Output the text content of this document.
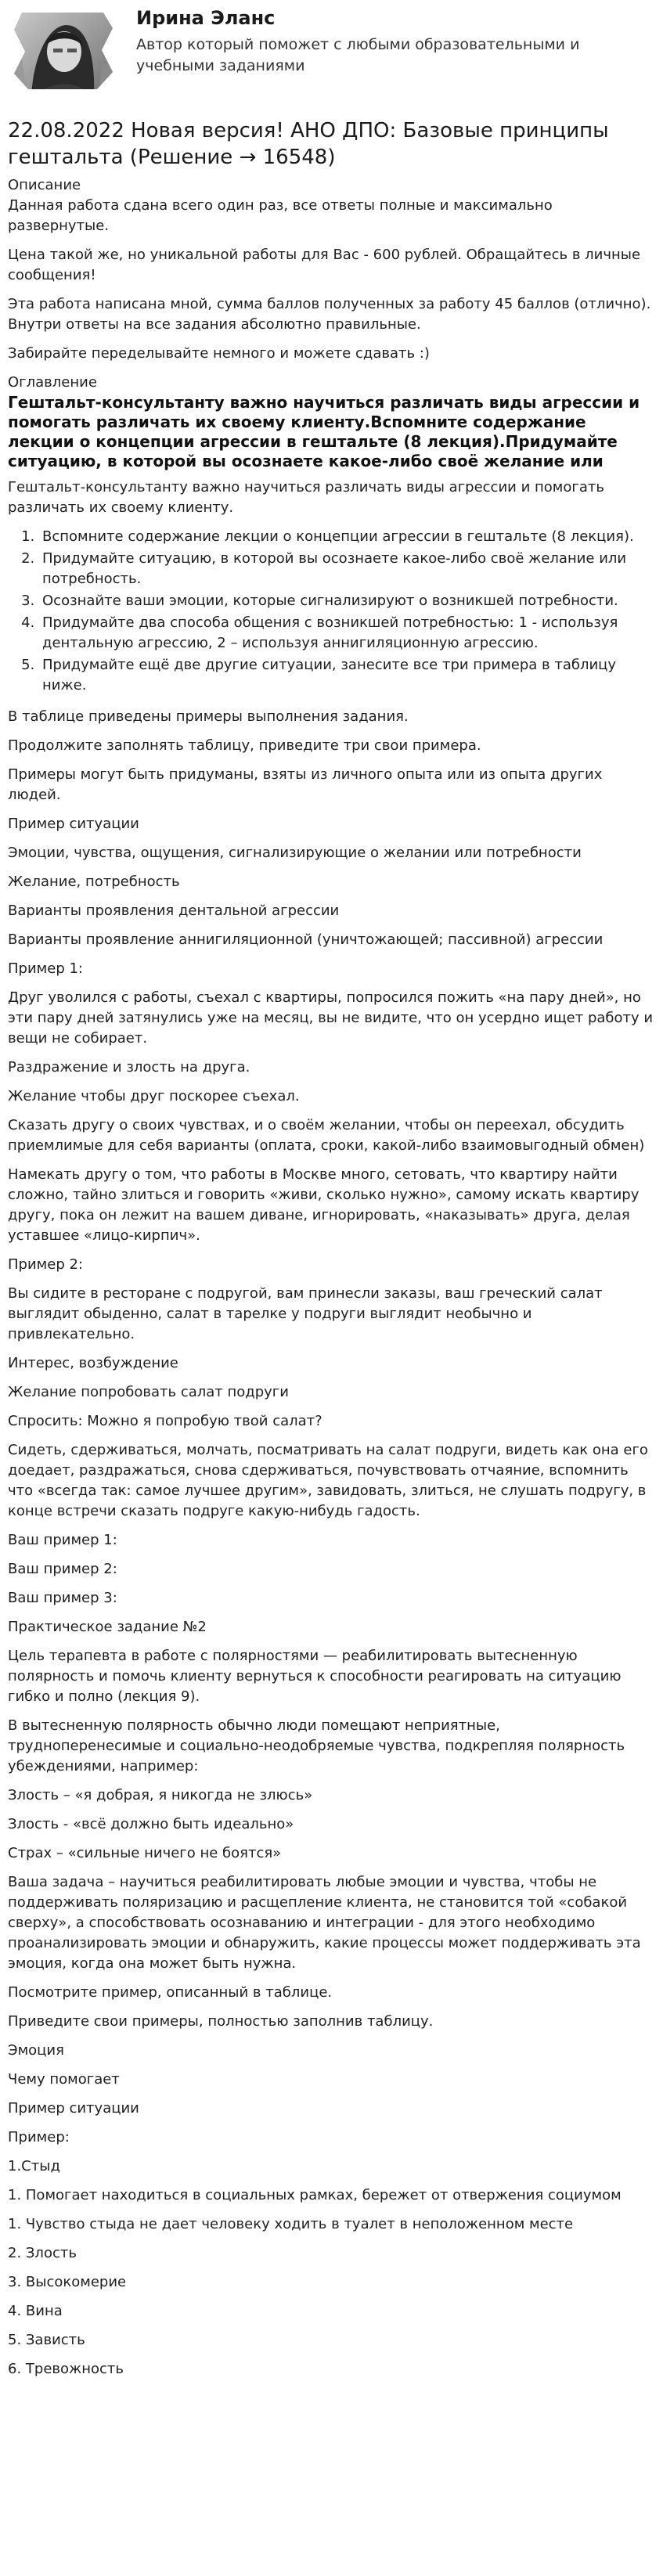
Ирина Эланс
Автор который поможет с любыми образовательными и учебными заданиями
22.08.2022 Новая версия! АНО ДПО: Базовые принципы гештальта (Решение → 16548)
Описание

Данная работа сдана всего один раз, все ответы полные и максимально развернутые.

Цена такой же, но уникальной работы для Вас - 600 рублей. Обращайтесь в личные сообщения!

Эта работа написана мной, сумма баллов полученных за работу 45 баллов (отлично). Внутри ответы на все задания абсолютно правильные.

Забирайте переделывайте немного и можете сдавать :)

Оглавление
Гештальт-консультанту важно научиться различать виды агрессии и помогать различать их своему клиенту.Вспомните содержание лекции о концепции агрессии в гештальте (8 лекция).Придумайте ситуацию, в которой вы осознаете какое-либо своё желание или

Гештальт-консультанту важно научиться различать виды агрессии и помогать различать их своему клиенту.

1. Вспомните содержание лекции о концепции агрессии в гештальте (8 лекция).
2. Придумайте ситуацию, в которой вы осознаете какое-либо своё желание или потребность.
3. Осознайте ваши эмоции, которые сигнализируют о возникшей потребности.
4. Придумайте два способа общения с возникшей потребностью: 1 - используя дентальную агрессию, 2 – используя аннигиляционную агрессию.
5. Придумайте ещё две другие ситуации, занесите все три примера в таблицу ниже.

В таблице приведены примеры выполнения задания.

Продолжите заполнять таблицу, приведите три свои примера.

Примеры могут быть придуманы, взяты из личного опыта или из опыта других людей.

Пример ситуации

Эмоции, чувства, ощущения, сигнализирующие о желании или потребности

Желание, потребность

Варианты проявления дентальной агрессии

Варианты проявление аннигиляционной (уничтожающей; пассивной) агрессии

Пример 1:

Друг уволился с работы, съехал с квартиры, попросился пожить «на пару дней», но эти пару дней затянулись уже на месяц, вы не видите, что он усердно ищет работу и вещи не собирает.

Раздражение и злость на друга.

Желание чтобы друг поскорее съехал.

Сказать другу о своих чувствах, и о своём желании, чтобы он переехал, обсудить приемлимые для себя варианты (оплата, сроки, какой-либо взаимовыгодный обмен)

Намекать другу о том, что работы в Москве много, сетовать, что квартиру найти сложно, тайно злиться и говорить «живи, сколько нужно», самому искать квартиру другу, пока он лежит на вашем диване, игнорировать, «наказывать» друга, делая уставшее «лицо-кирпич».

Пример 2:

Вы сидите в ресторане с подругой, вам принесли заказы, ваш греческий салат выглядит обыденно, салат в тарелке у подруги выглядит необычно и привлекательно.

Интерес, возбуждение

Желание попробовать салат подруги

Спросить: Можно я попробую твой салат?

Сидеть, сдерживаться, молчать, посматривать на салат подруги, видеть как она его доедает, раздражаться, снова сдерживаться, почувствовать отчаяние, вспомнить что «всегда так: самое лучшее другим», завидовать, злиться, не слушать подругу, в конце встречи сказать подруге какую-нибудь гадость.

Ваш пример 1:

Ваш пример 2:

Ваш пример 3:

Практическое задание №2

Цель терапевта в работе с полярностями — реабилитировать вытесненную полярность и помочь клиенту вернуться к способности реагировать на ситуацию гибко и полно (лекция 9).

В вытесненную полярность обычно люди помещают неприятные, трудноперенесимые и социально-неодобряемые чувства, подкрепляя полярность убеждениями, например:

Злость – «я добрая, я никогда не злюсь»

Злость - «всё должно быть идеально»

Страх – «сильные ничего не боятся»

Ваша задача – научиться реабилитировать любые эмоции и чувства, чтобы не поддерживать поляризацию и расщепление клиента, не становится той «собакой сверху», а способствовать осознаванию и интеграции - для этого необходимо проанализировать эмоции и обнаружить, какие процессы может поддерживать эта эмоция, когда она может быть нужна.

Посмотрите пример, описанный в таблице.

Приведите свои примеры, полностью заполнив таблицу.

Эмоция

Чему помогает

Пример ситуации

Пример:

1.Стыд

1. Помогает находиться в социальных рамках, бережет от отвержения социумом

1. Чувство стыда не дает человеку ходить в туалет в неположенном месте

2. Злость

3. Высокомерие

4. Вина

5. Зависть

6. Тревожность
